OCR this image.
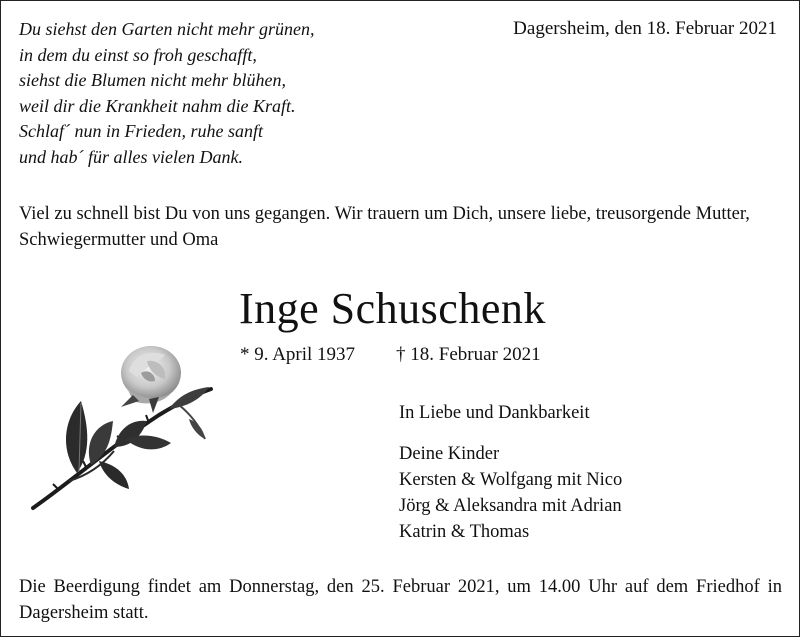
Du siehst den Garten nicht mehr grünen,
in dem du einst so froh geschafft,
siehst die Blumen nicht mehr blühen,
weil dir die Krankheit nahm die Kraft.
Schlaf´ nun in Frieden, ruhe sanft
und hab´ für alles vielen Dank.
Dagersheim, den 18. Februar 2021
Viel zu schnell bist Du von uns gegangen. Wir trauern um Dich, unsere liebe, treusorgende Mutter, Schwiegermutter und Oma
Inge Schuschenk
* 9. April 1937 † 18. Februar 2021
In Liebe und Dankbarkeit
Deine Kinder
Kersten & Wolfgang mit Nico
Jörg & Aleksandra mit Adrian
Katrin & Thomas
Die Beerdigung findet am Donnerstag, den 25. Februar 2021, um 14.00 Uhr auf dem Friedhof in Dagersheim statt.
